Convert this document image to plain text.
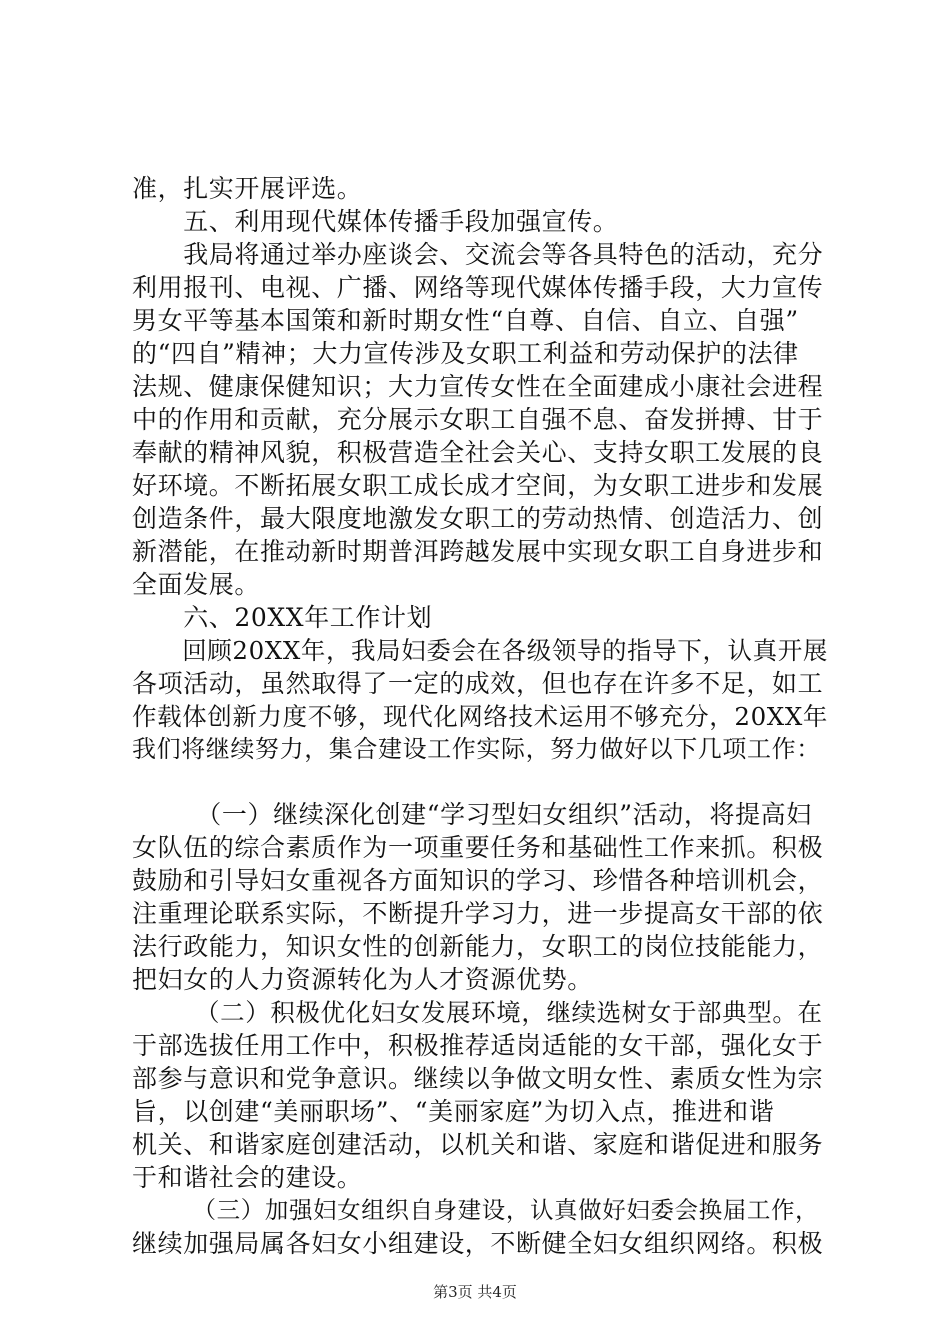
准，扎实开展评选。
　　五、利用现代媒体传播手段加强宣传。
　　我局将通过举办座谈会、交流会等各具特色的活动，充分
利用报刊、电视、广播、网络等现代媒体传播手段，大力宣传
男女平等基本国策和新时期女性“自尊、自信、自立、自强”
的“四自”精神；大力宣传涉及女职工利益和劳动保护的法律
法规、健康保健知识；大力宣传女性在全面建成小康社会进程
中的作用和贡献，充分展示女职工自强不息、奋发拼搏、甘于
奉献的精神风貌，积极营造全社会关心、支持女职工发展的良
好环境。不断拓展女职工成长成才空间，为女职工进步和发展
创造条件，最大限度地激发女职工的劳动热情、创造活力、创
新潜能，在推动新时期普洱跨越发展中实现女职工自身进步和
全面发展。
　　六、20XX年工作计划
　　回顾20XX年，我局妇委会在各级领导的指导下，认真开展
各项活动，虽然取得了一定的成效，但也存在许多不足，如工
作载体创新力度不够，现代化网络技术运用不够充分，20XX年
我们将继续努力，集合建设工作实际，努力做好以下几项工作：
　　　（一）继续深化创建“学习型妇女组织”活动，将提高妇
女队伍的综合素质作为一项重要任务和基础性工作来抓。积极
鼓励和引导妇女重视各方面知识的学习、珍惜各种培训机会，
注重理论联系实际，不断提升学习力，进一步提高女干部的依
法行政能力，知识女性的创新能力，女职工的岗位技能能力，
把妇女的人力资源转化为人才资源优势。
　　　（二）积极优化妇女发展环境，继续选树女于部典型。在
于部选拔任用工作中，积极推荐适岗适能的女干部，强化女于
部参与意识和党争意识。继续以争做文明女性、素质女性为宗
旨，以创建“美丽职场”、“美丽家庭”为切入点，推进和谐
机关、和谐家庭创建活动，以机关和谐、家庭和谐促进和服务
于和谐社会的建设。
　　　（三）加强妇女组织自身建设，认真做好妇委会换届工作，
继续加强局属各妇女小组建设，不断健全妇女组织网络。积极
第3页 共4页
